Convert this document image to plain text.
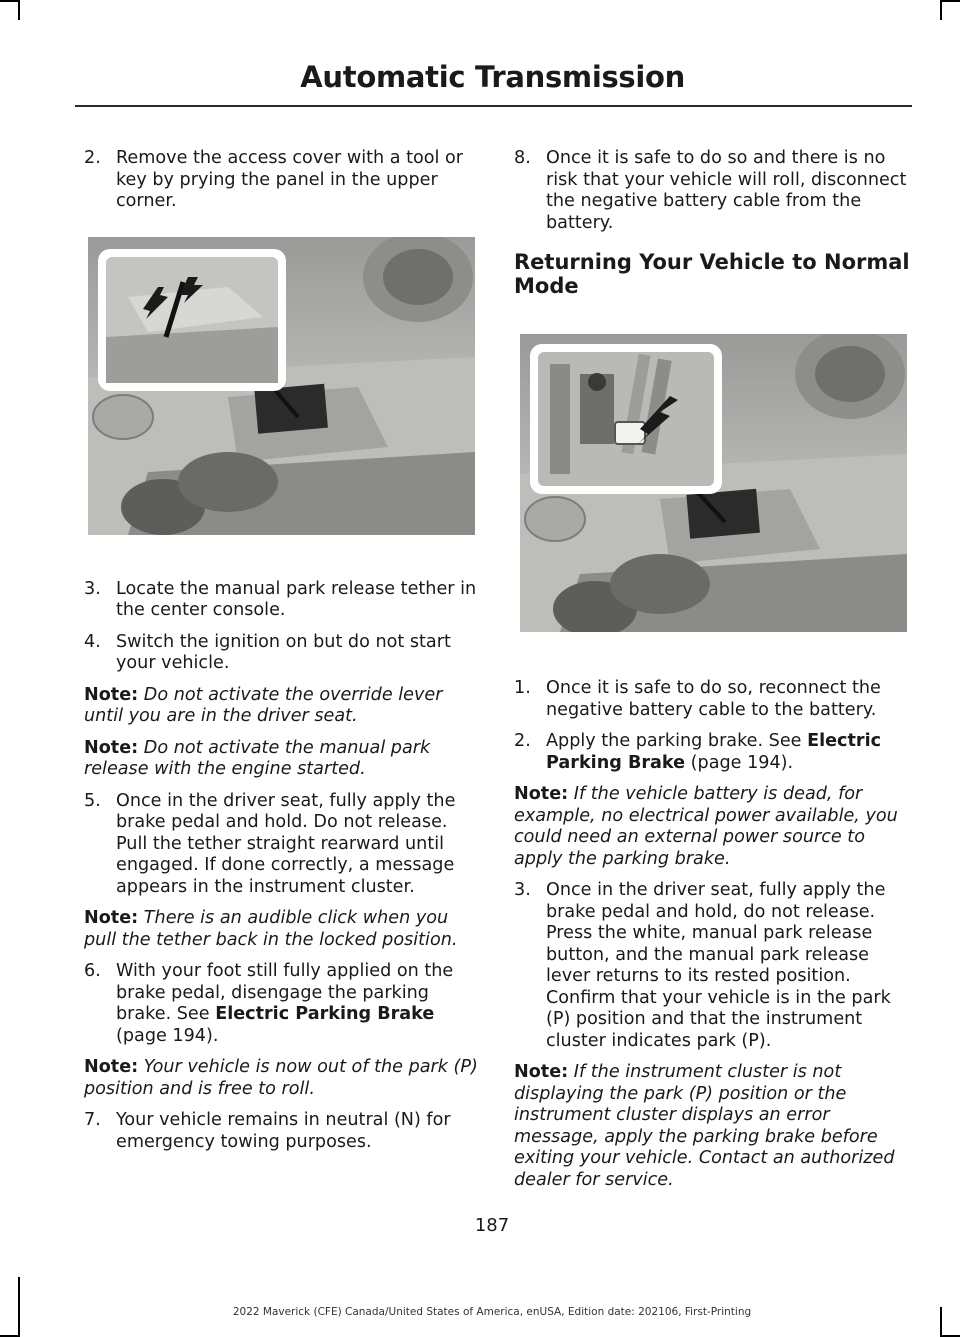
Automatic Transmission
2. Remove the access cover with a tool or key by prying the panel in the upper corner.
3. Locate the manual park release tether in the center console.
4. Switch the ignition on but do not start your vehicle.
Note: Do not activate the override lever until you are in the driver seat.
Note: Do not activate the manual park release with the engine started.
5. Once in the driver seat, fully apply the brake pedal and hold. Do not release. Pull the tether straight rearward until engaged. If done correctly, a message appears in the instrument cluster.
Note: There is an audible click when you pull the tether back in the locked position.
6. With your foot still fully applied on the brake pedal, disengage the parking brake. See Electric Parking Brake (page 194).
Note: Your vehicle is now out of the park (P) position and is free to roll.
7. Your vehicle remains in neutral (N) for emergency towing purposes.
8. Once it is safe to do so and there is no risk that your vehicle will roll, disconnect the negative battery cable from the battery.
Returning Your Vehicle to Normal Mode
1. Once it is safe to do so, reconnect the negative battery cable to the battery.
2. Apply the parking brake. See Electric Parking Brake (page 194).
Note: If the vehicle battery is dead, for example, no electrical power available, you could need an external power source to apply the parking brake.
3. Once in the driver seat, fully apply the brake pedal and hold, do not release. Press the white, manual park release button, and the manual park release lever returns to its rested position. Confirm that your vehicle is in the park (P) position and that the instrument cluster indicates park (P).
Note: If the instrument cluster is not displaying the park (P) position or the instrument cluster displays an error message, apply the parking brake before exiting your vehicle. Contact an authorized dealer for service.
187
2022 Maverick (CFE) Canada/United States of America, enUSA, Edition date: 202106, First-Printing
